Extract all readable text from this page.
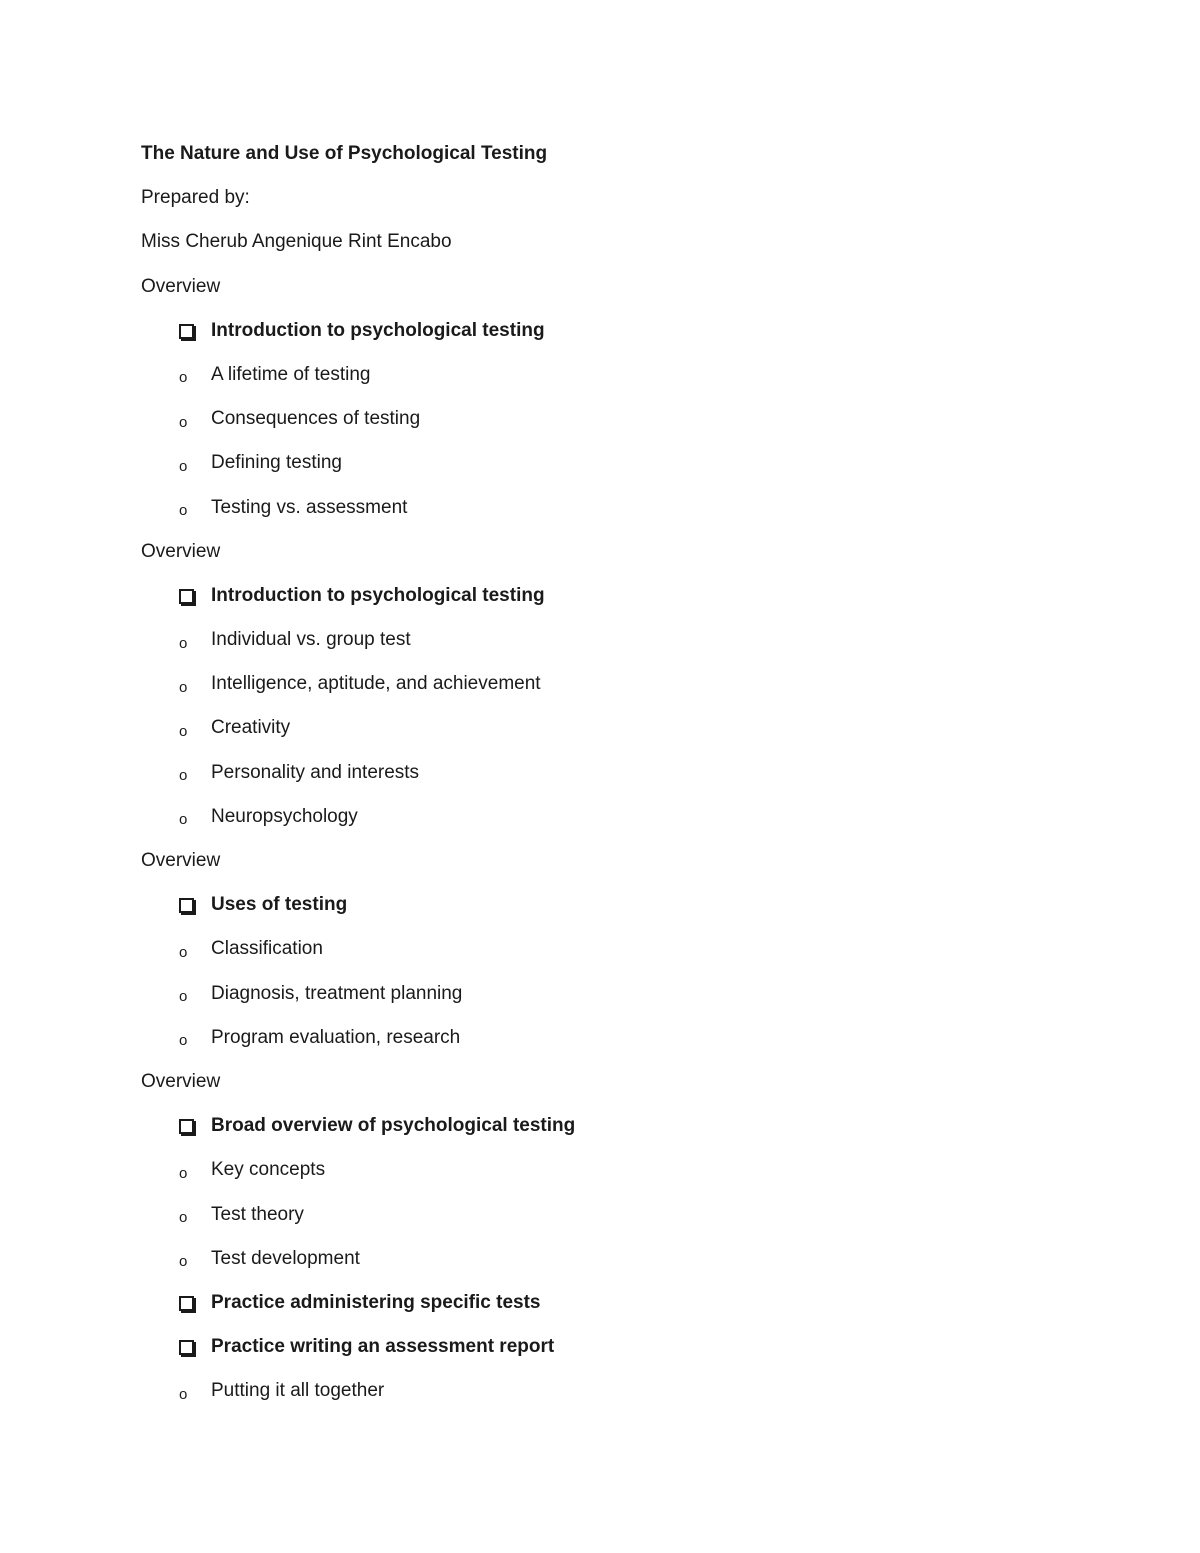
The Nature and Use of Psychological Testing
Prepared by:
Miss Cherub Angenique Rint Encabo
Overview
Introduction to psychological testing
o A lifetime of testing
o Consequences of testing
o Defining testing
o Testing vs. assessment
Overview
Introduction to psychological testing
o Individual vs. group test
o Intelligence, aptitude, and achievement
o Creativity
o Personality and interests
o Neuropsychology
Overview
Uses of testing
o Classification
o Diagnosis, treatment planning
o Program evaluation, research
Overview
Broad overview of psychological testing
o Key concepts
o Test theory
o Test development
Practice administering specific tests
Practice writing an assessment report
o Putting it all together
